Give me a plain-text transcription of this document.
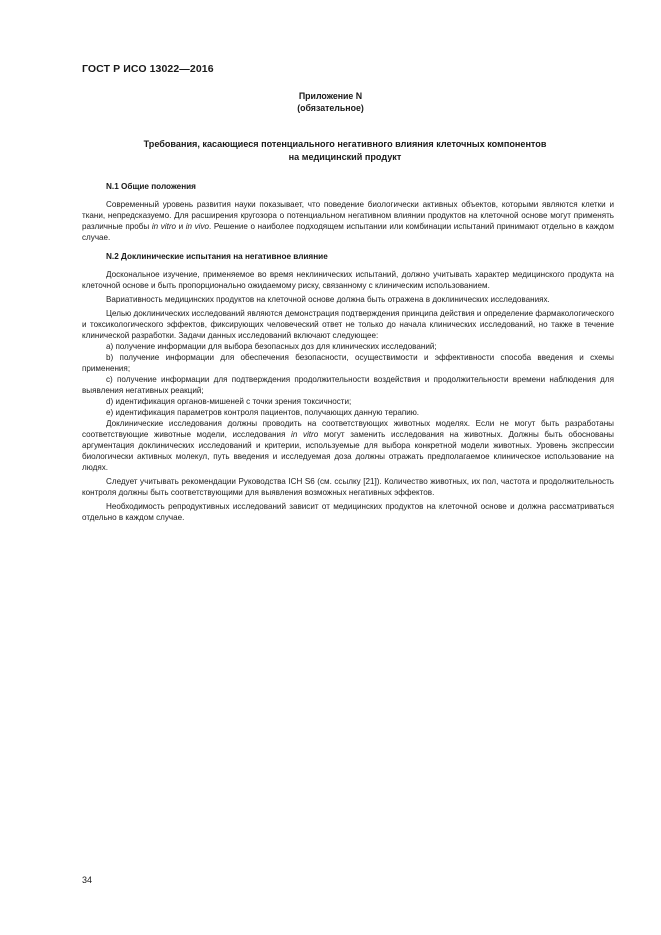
ГОСТ Р ИСО 13022—2016
Приложение N
(обязательное)
Требования, касающиеся потенциального негативного влияния клеточных компонентов
на медицинский продукт
N.1 Общие положения

Современный уровень развития науки показывает, что поведение биологически активных объектов, которыми являются клетки и ткани, непредсказуемо. Для расширения кругозора о потенциальном негативном влиянии продуктов на клеточной основе могут применять различные пробы in vitro и in vivo. Решение о наиболее подходящем испытании или комбинации испытаний принимают отдельно в каждом случае.

N.2 Доклинические испытания на негативное влияние

Доскональное изучение, применяемое во время неклинических испытаний, должно учитывать характер медицинского продукта на клеточной основе и быть пропорционально ожидаемому риску, связанному с клиническим использованием.

Вариативность медицинских продуктов на клеточной основе должна быть отражена в доклинических исследованиях.

Целью доклинических исследований являются демонстрация подтверждения принципа действия и определение фармакологического и токсикологического эффектов, фиксирующих человеческий ответ не только до начала клинических исследований, но также в течение клинической разработки. Задачи данных исследований включают следующее:

а) получение информации для выбора безопасных доз для клинических исследований;

b) получение информации для обеспечения безопасности, осуществимости и эффективности способа введения и схемы применения;

с) получение информации для подтверждения продолжительности воздействия и продолжительности времени наблюдения для выявления негативных реакций;

d) идентификация органов-мишеней с точки зрения токсичности;

е) идентификация параметров контроля пациентов, получающих данную терапию.

Доклинические исследования должны проводить на соответствующих животных моделях. Если не могут быть разработаны соответствующие животные модели, исследования in vitro могут заменить исследования на животных. Должны быть обоснованы аргументация доклинических исследований и критерии, используемые для выбора конкретной модели животных. Уровень экспрессии биологически активных молекул, путь введения и исследуемая доза должны отражать предполагаемое клиническое использование на людях.

Следует учитывать рекомендации Руководства ICH S6 (см. ссылку [21]). Количество животных, их пол, частота и продолжительность контроля должны быть соответствующими для выявления возможных негативных эффектов.

Необходимость репродуктивных исследований зависит от медицинских продуктов на клеточной основе и должна рассматриваться отдельно в каждом случае.

34
